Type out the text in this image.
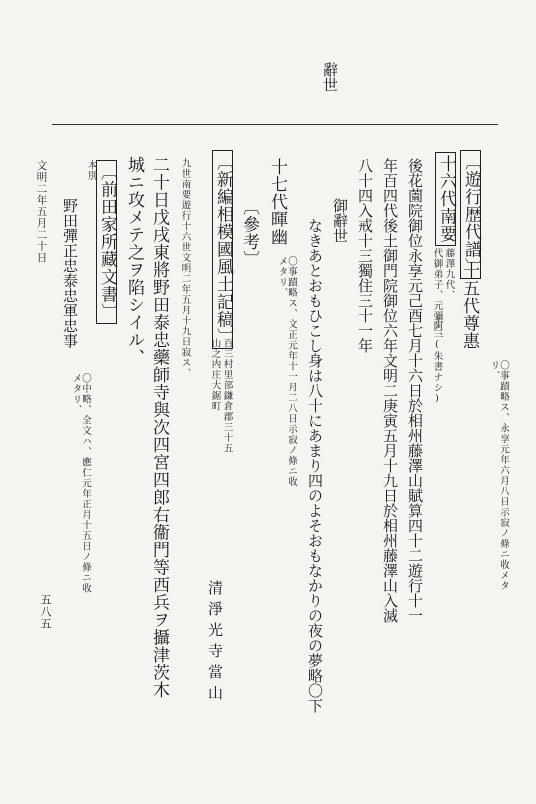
辭世
〔遊行歴代譜〕
十五代尊惠
〇事蹟略ス、永享元年六月八日示寂ノ條ニ收メタリ、
十六代南要
藤澤九代、
代御弟子、元彌阿、
十三(朱書ナシ)
後花薗院御位永享元己酉七月十六日於相州藤澤山賦算四十二遊行十一
年百四代後土御門院御位六年文明二庚寅五月十九日於相州藤澤山入滅
八十四入戒十三獨住三十一年
御辭世
なきあとおもひこし身は八十にあまり四のよそおもなかりの夜の夢略〇下
十七代暉幽
〇事蹟略ス、文正元年十一月二八日示寂ノ條ニ收メタリ、
〔參考〕
〔新編相模國風土記稿〕
百三村里部鎌倉郡三十五
山之内庄大鋸町
清淨光寺當山
九世南要遊行十六世文明二年五月十九日寂ス、
二十日戊戌東將野田泰忠藥師寺與次四宮四郎右衞門等西兵ヲ攝津茨木
城ニ攻メテ之ヲ陷シイル、
〔前田家所藏文書〕
本別
野田彈正忠泰忠軍忠事
〇中略、全文ハ、應仁元年正月十五日ノ條ニ收メタリ、
文明二年五月二十日
五八五
